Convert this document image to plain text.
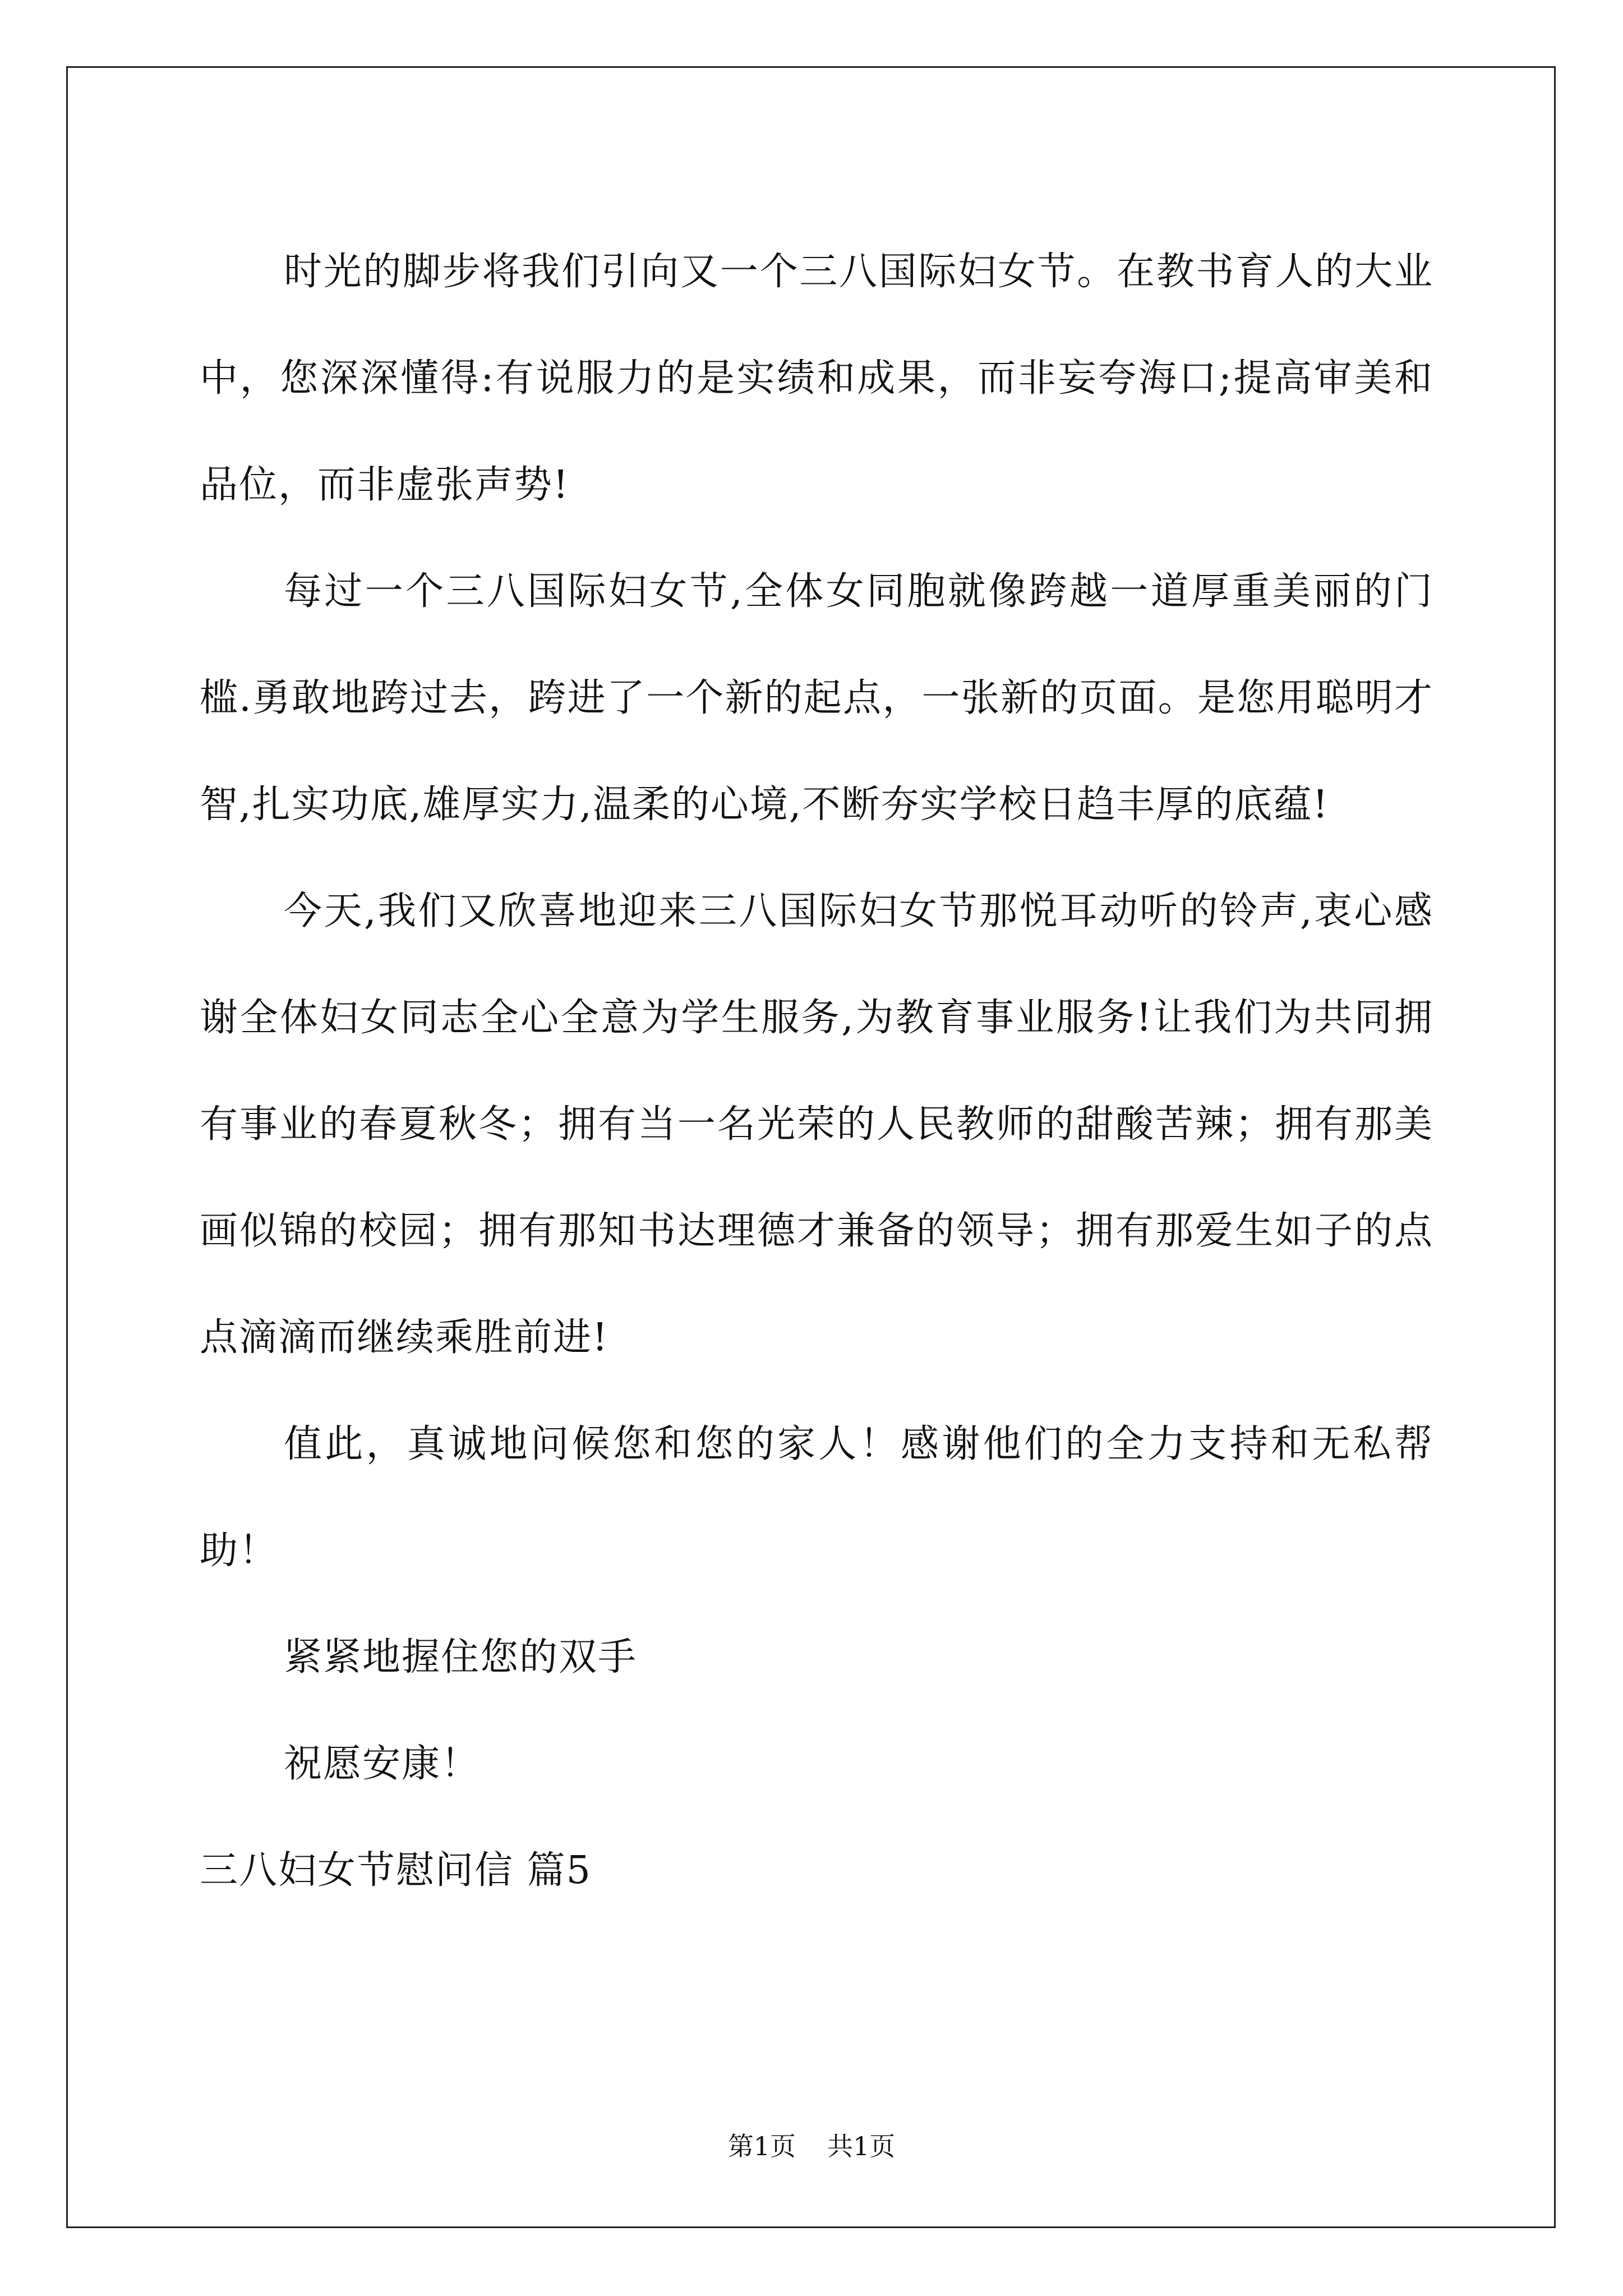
时光的脚步将我们引向又一个三八国际妇女节。在教书育人的大业中，您深深懂得:有说服力的是实绩和成果，而非妄夸海口;提高审美和品位，而非虚张声势!

每过一个三八国际妇女节,全体女同胞就像跨越一道厚重美丽的门槛.勇敢地跨过去，跨进了一个新的起点，一张新的页面。是您用聪明才智,扎实功底,雄厚实力,温柔的心境,不断夯实学校日趋丰厚的底蕴!

今天,我们又欣喜地迎来三八国际妇女节那悦耳动听的铃声,衷心感谢全体妇女同志全心全意为学生服务,为教育事业服务!让我们为共同拥有事业的春夏秋冬；拥有当一名光荣的人民教师的甜酸苦辣；拥有那美画似锦的校园；拥有那知书达理德才兼备的领导；拥有那爱生如子的点点滴滴而继续乘胜前进!

值此，真诚地问候您和您的家人！感谢他们的全力支持和无私帮助！

紧紧地握住您的双手

祝愿安康！

三八妇女节慰问信 篇5

第1页 共1页
